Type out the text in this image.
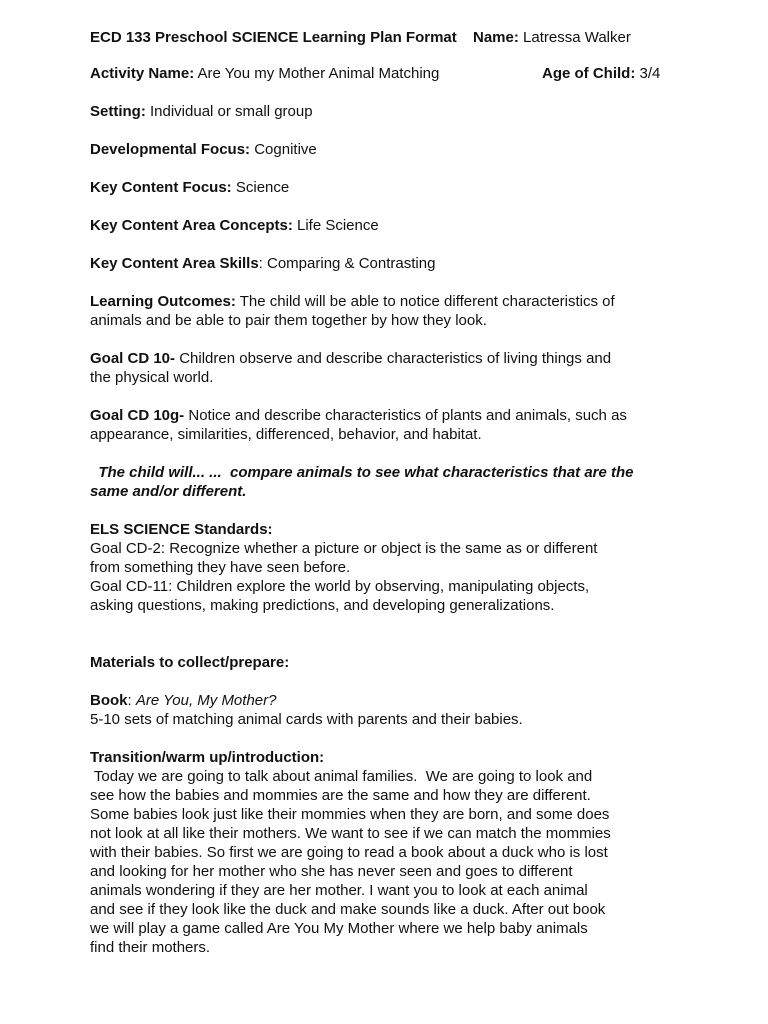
ECD 133 Preschool SCIENCE Learning Plan Format Name: Latressa Walker

Activity Name: Are You my Mother Animal Matching	Age of Child: 3/4

Setting: Individual or small group

Developmental Focus: Cognitive

Key Content Focus: Science

Key Content Area Concepts: Life Science

Key Content Area Skills: Comparing & Contrasting

Learning Outcomes: The child will be able to notice different characteristics of

animals and be able to pair them together by how they look.

Goal CD 10- Children observe and describe characteristics of living things and

the physical world.

Goal CD 10g- Notice and describe characteristics of plants and animals, such as

appearance, similarities, differenced, behavior, and habitat.

The child will... ...  compare animals to see what characteristics that are the

same and/or different.

ELS SCIENCE Standards:

Goal CD-2: Recognize whether a picture or object is the same as or different

from something they have seen before.

Goal CD-11: Children explore the world by observing, manipulating objects,

asking questions, making predictions, and developing generalizations.

Materials to collect/prepare:

Book: Are You, My Mother?

5-10 sets of matching animal cards with parents and their babies.

Transition/warm up/introduction:

Today we are going to talk about animal families.  We are going to look and

see how the babies and mommies are the same and how they are different.

Some babies look just like their mommies when they are born, and some does

not look at all like their mothers. We want to see if we can match the mommies

with their babies. So first we are going to read a book about a duck who is lost

and looking for her mother who she has never seen and goes to different

animals wondering if they are her mother. I want you to look at each animal

and see if they look like the duck and make sounds like a duck. After out book

we will play a game called Are You My Mother where we help baby animals

find their mothers.
